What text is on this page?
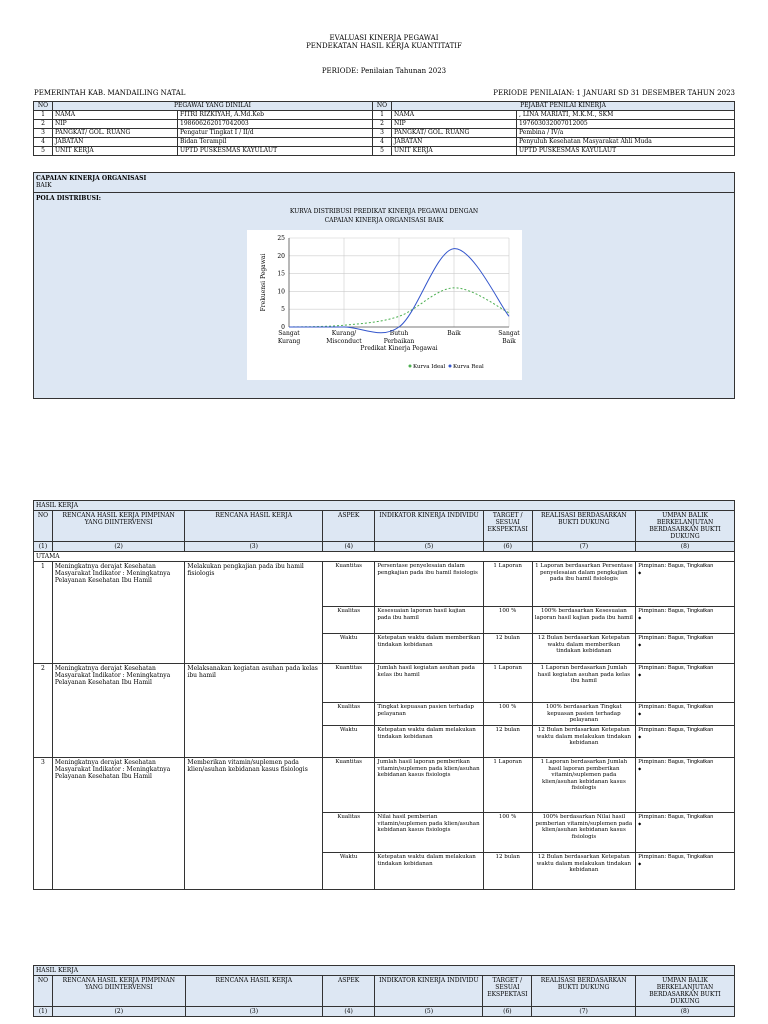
EVALUASI KINERJA PEGAWAI
PENDEKATAN HASIL KERJA KUANTITATIF
PERIODE: Penilaian Tahunan 2023
PEMERINTAH KAB. MANDAILING NATAL	PERIODE PENILAIAN: 1 JANUARI SD 31 DESEMBER TAHUN 2023
NO	PEGAWAI YANG DINILAI		NO	PEJABAT PENILAI KINERJA	
1	NAMA	FITRI RIZKIYAH, A.Md.Keb	1	NAMA	, LINA MARIATI, M.K.M., SKM
2	NIP	198606262017042003	2	NIP	197603032007012005
3	PANGKAT/ GOL. RUANG	Pengatur Tingkat I / II/d	3	PANGKAT/ GOL. RUANG	Pembina / IV/a
4	JABATAN	Bidan Terampil	4	JABATAN	Penyuluh Kesehatan Masyarakat Ahli Muda
5	UNIT KERJA	UPTD PUSKESMAS KAYULAUT	5	UNIT KERJA	UPTD PUSKESMAS KAYULAUT
CAPAIAN KINERJA ORGANISASI
BAIK
POLA DISTRIBUSI:
KURVA DISTRIBUSI PREDIKAT KINERJA PEGAWAI DENGAN
CAPAIAN KINERJA ORGANISASI BAIK
0
5
10
15
20
25
Sangat Kurang
Kurang/ Misconduct
Butuh Perbaikan
Baik	Sangat Baik
Frekuensi Pegawai
Predikat Kinerja Pegawai
Kurva Ideal Kurva Real
HASIL KERJA							
NO	RENCANA HASIL KERJA PIMPINAN YANG DIINTERVENSI	RENCANA HASIL KERJA	ASPEK	INDIKATOR KINERJA INDIVIDU	TARGET / SESUAI EKSPEKTASI	REALISASI BERDASARKAN BUKTI DUKUNG	UMPAN BALIK BERKELANJUTAN BERDASARKAN BUKTI DUKUNG
(1)	(2)	(3)	(4)	(5)	(6)	(7)	(8)
UTAMA							
1	Meningkatnya derajat Kesehatan Masyarakat Indikator : Meningkatnya Pelayanan Kesehatan Ibu Hamil	Melakukan pengkajian pada ibu hamil fisiologis	Kuantitas	Persentase penyelesaian dalam pengkajian pada ibu hamil fisiologis	1 Laporan	1 Laporan berdasarkan Persentase penyelesaian dalam pengkajian pada ibu hamil fisiologis	Pimpinan: Bagus, Tingkatkan
◆

			Kualitas	Kesesuaian laporan hasil kajian pada ibu hamil	100 %	100% berdasarkan Kesesuaian laporan hasil kajian pada ibu hamil	Pimpinan: Bagus, Tingkatkan
◆

			Waktu	Ketepatan waktu dalam memberikan tindakan kebidanan	12 bulan	12 Bulan berdasarkan Ketepatan waktu dalam memberikan tindakan kebidanan	Pimpinan: Bagus, Tingkatkan
◆

2	Meningkatnya derajat Kesehatan Masyarakat Indikator : Meningkatnya Pelayanan Kesehatan Ibu Hamil	Melaksanakan kegiatan asuhan pada kelas ibu hamil	Kuantitas	Jumlah hasil kegiatan asuhan pada kelas ibu hamil	1 Laporan	1 Laporan berdasarkan Jumlah hasil kegiatan asuhan pada kelas ibu hamil	Pimpinan: Bagus, Tingkatkan
◆

			Kualitas	Tingkat kepuasan pasien terhadap pelayanan	100 %	100% berdasarkan Tingkat kepuasan pasien terhadap pelayanan	Pimpinan: Bagus, Tingkatkan
◆

			Waktu	Ketepatan waktu dalam melakukan tindakan kebidanan	12 bulan	12 Bulan berdasarkan Ketepatan waktu dalam melakukan tindakan kebidanan	Pimpinan: Bagus, Tingkatkan
◆

3	Meningkatnya derajat Kesehatan Masyarakat Indikator : Meningkatnya Pelayanan Kesehatan Ibu Hamil	Memberikan vitamin/suplemen pada klien/asuhan kebidanan kasus fisiologis	Kuantitas	Jumlah hasil laporan pemberikan vitamin/suplemen pada klien/asuhan kebidanan kasus fisiologis	1 Laporan	1 Laporan berdasarkan Jumlah hasil laporan pemberikan vitamin/suplemen pada klien/asuhan kebidanan kasus fisiologis	Pimpinan: Bagus, Tingkatkan
◆

			Kualitas	Nilai hasil pemberian vitamin/suplemen pada klien/asuhan kebidanan kasus fisiologis	100 %	100% berdasarkan Nilai hasil pemberian vitamin/suplemen pada klien/asuhan kebidanan kasus fisiologis	Pimpinan: Bagus, Tingkatkan
◆

			Waktu	Ketepatan waktu dalam melakukan tindakan kebidanan	12 bulan	12 Bulan berdasarkan Ketepatan waktu dalam melakukan tindakan kebidanan	Pimpinan: Bagus, Tingkatkan
◆
HASIL KERJA							
NO	RENCANA HASIL KERJA PIMPINAN YANG DIINTERVENSI	RENCANA HASIL KERJA	ASPEK	INDIKATOR KINERJA INDIVIDU	TARGET / SESUAI EKSPEKTASI	REALISASI BERDASARKAN BUKTI DUKUNG	UMPAN BALIK BERKELANJUTAN BERDASARKAN BUKTI DUKUNG
(1)	(2)	(3)	(4)	(5)	(6)	(7)	(8)
